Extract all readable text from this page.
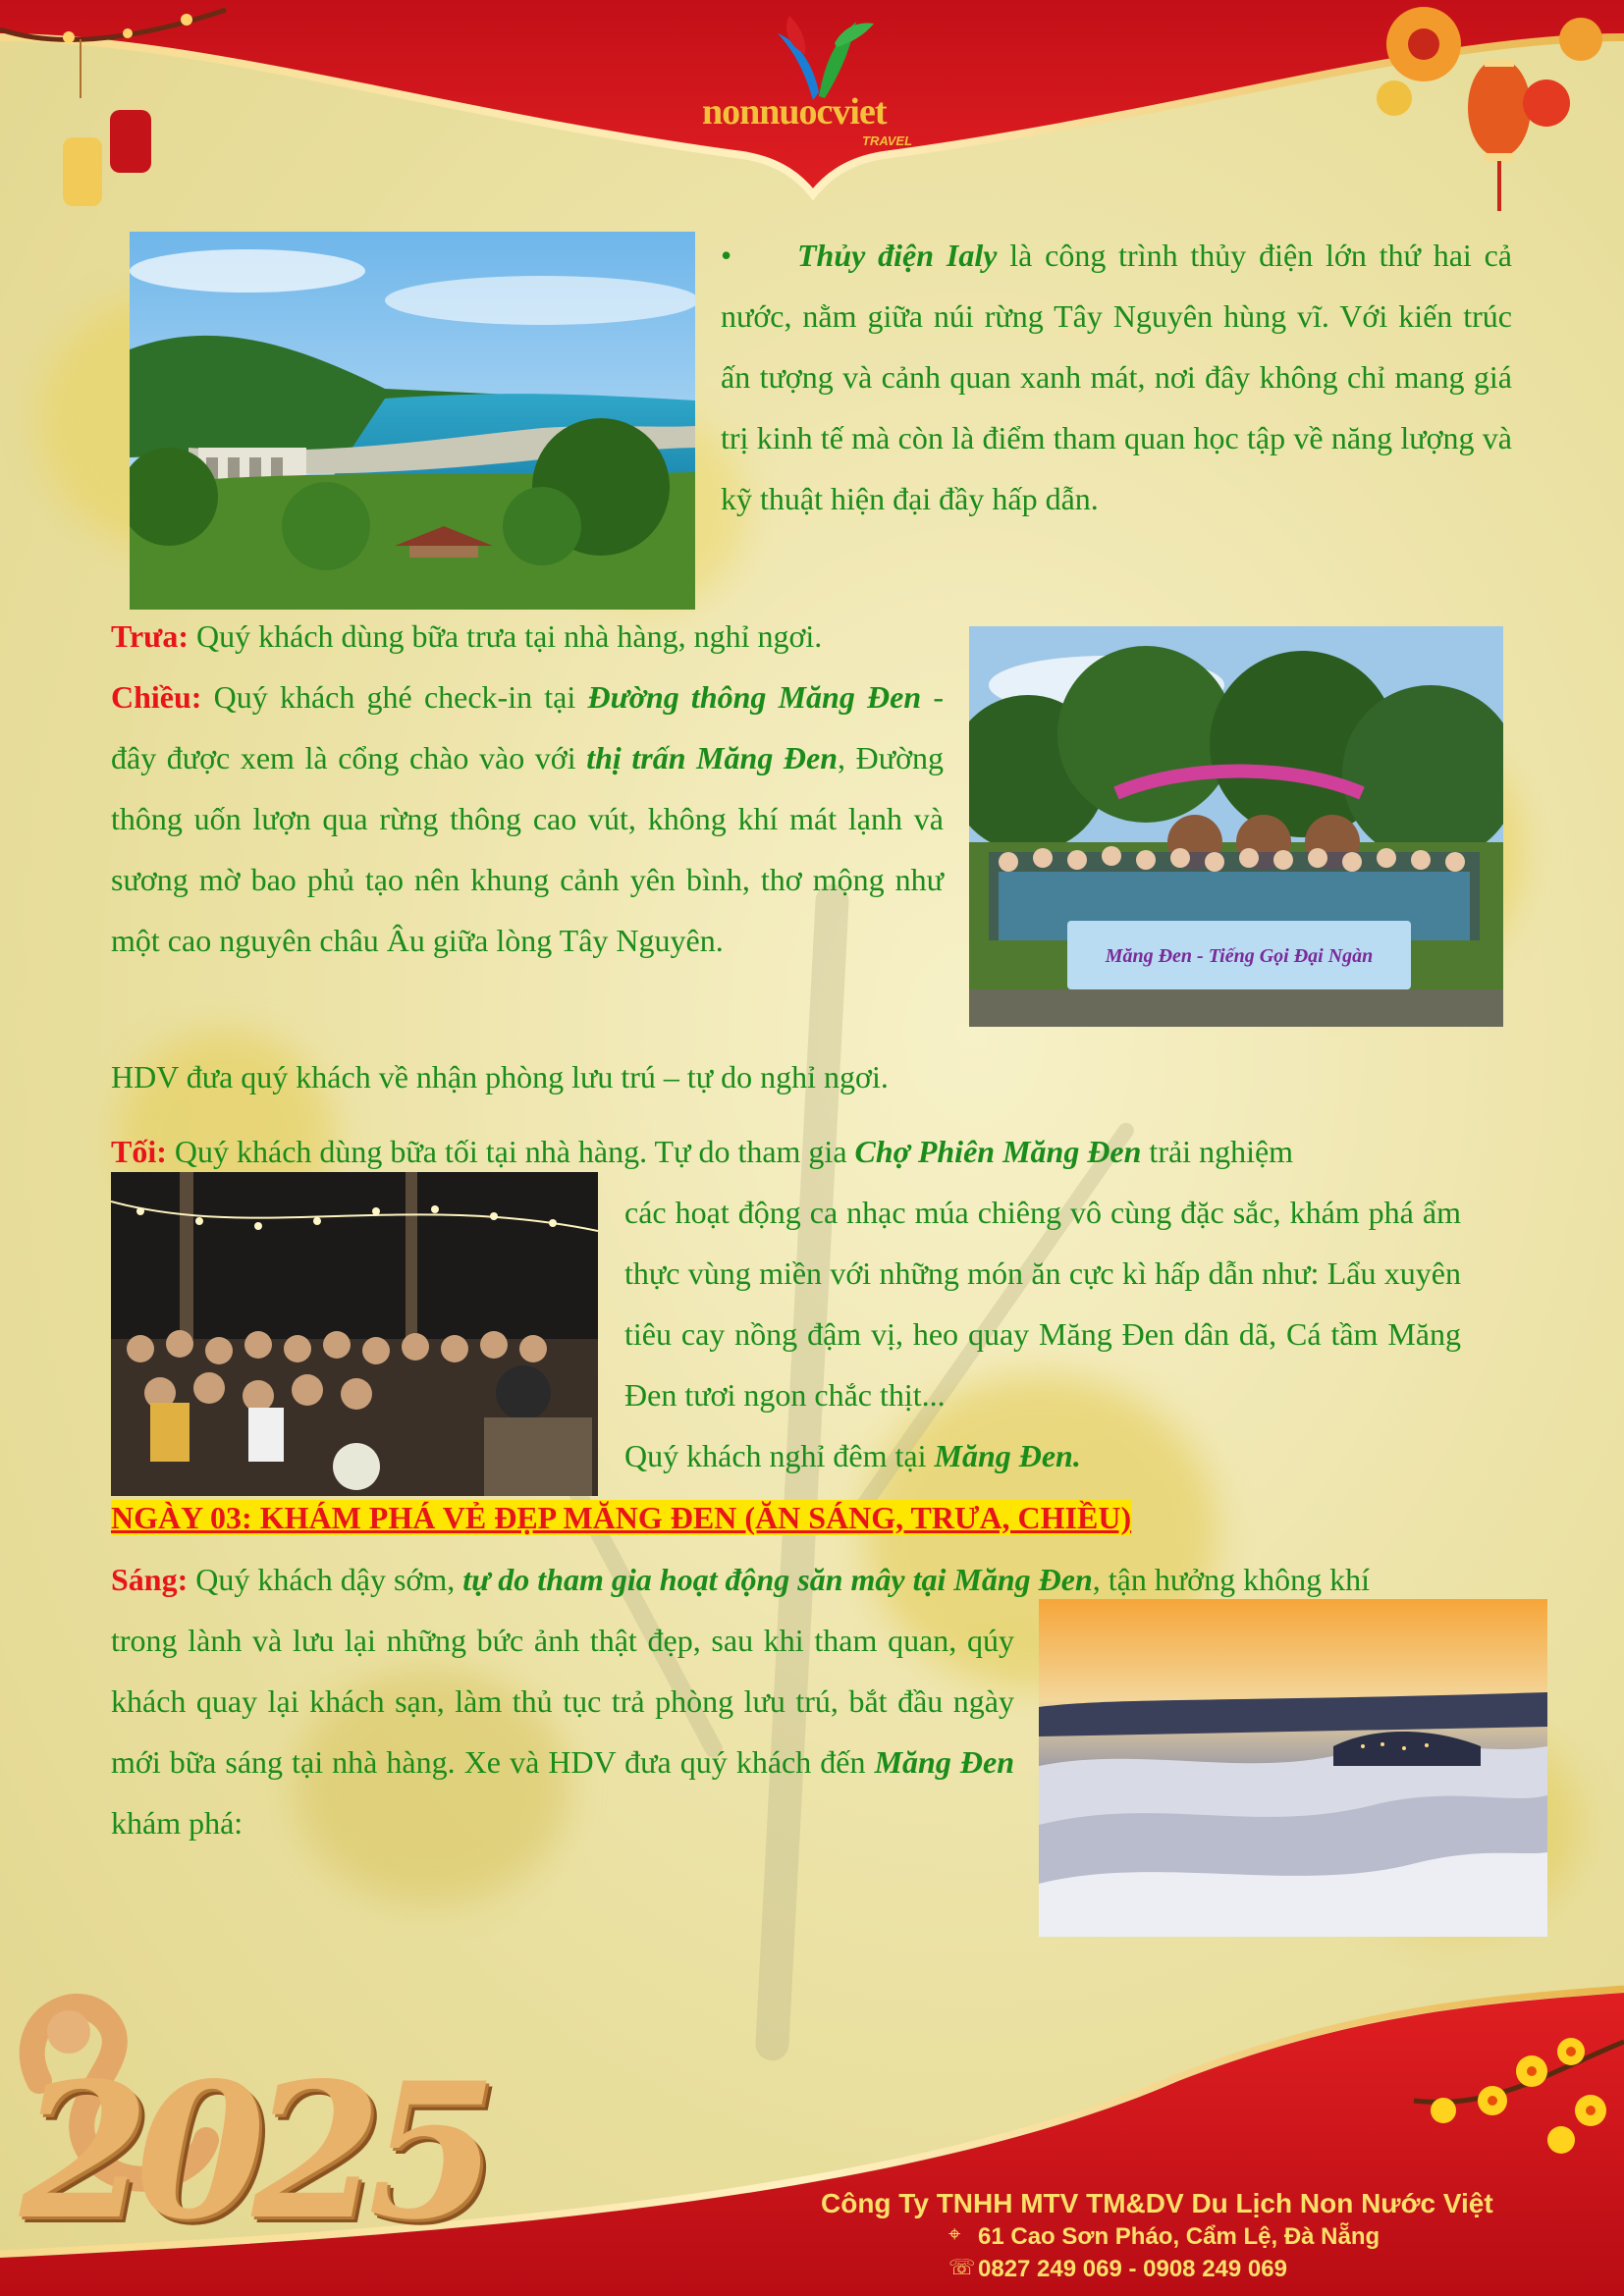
nonnuocviet
TRAVEL

• Thủy điện Ialy là công trình thủy điện lớn thứ hai cả nước, nằm giữa núi rừng Tây Nguyên hùng vĩ. Với kiến trúc ấn tượng và cảnh quan xanh mát, nơi đây không chỉ mang giá trị kinh tế mà còn là điểm tham quan học tập về năng lượng và kỹ thuật hiện đại đầy hấp dẫn.

Trưa: Quý khách dùng bữa trưa tại nhà hàng, nghỉ ngơi.

Măng Đen - Tiếng Gọi Đại Ngàn

Chiều: Quý khách ghé check-in tại Đường thông Măng Đen - đây được xem là cổng chào vào với thị trấn Măng Đen, Đường thông uốn lượn qua rừng thông cao vút, không khí mát lạnh và sương mờ bao phủ tạo nên khung cảnh yên bình, thơ mộng như một cao nguyên châu Âu giữa lòng Tây Nguyên.

HDV đưa quý khách về nhận phòng lưu trú – tự do nghỉ ngơi.

Tối: Quý khách dùng bữa tối tại nhà hàng. Tự do tham gia Chợ Phiên Măng Đen trải nghiệm

các hoạt động ca nhạc múa chiêng vô cùng đặc sắc, khám phá ẩm thực vùng miền với những món ăn cực kì hấp dẫn như: Lẩu xuyên tiêu cay nồng đậm vị, heo quay Măng Đen dân dã, Cá tầm Măng Đen tươi ngon chắc thịt...

Quý khách nghỉ đêm tại Măng Đen.

NGÀY 03: KHÁM PHÁ VẺ ĐẸP MĂNG ĐEN (ĂN SÁNG, TRƯA, CHIỀU)

Sáng: Quý khách dậy sớm, tự do tham gia hoạt động săn mây tại Măng Đen, tận hưởng không khí

trong lành và lưu lại những bức ảnh thật đẹp, sau khi tham quan, qúy khách quay lại khách sạn, làm thủ tục trả phòng lưu trú, bắt đầu ngày mới bữa sáng tại nhà hàng. Xe và HDV đưa quý khách đến Măng Đen khám phá:

2025	Công Ty TNHH MTV TM&DV Du Lịch Non Nước Việt
⌖ 61 Cao Sơn Pháo, Cẩm Lệ, Đà Nẵng
☏ 0827 249 069 - 0908 249 069
